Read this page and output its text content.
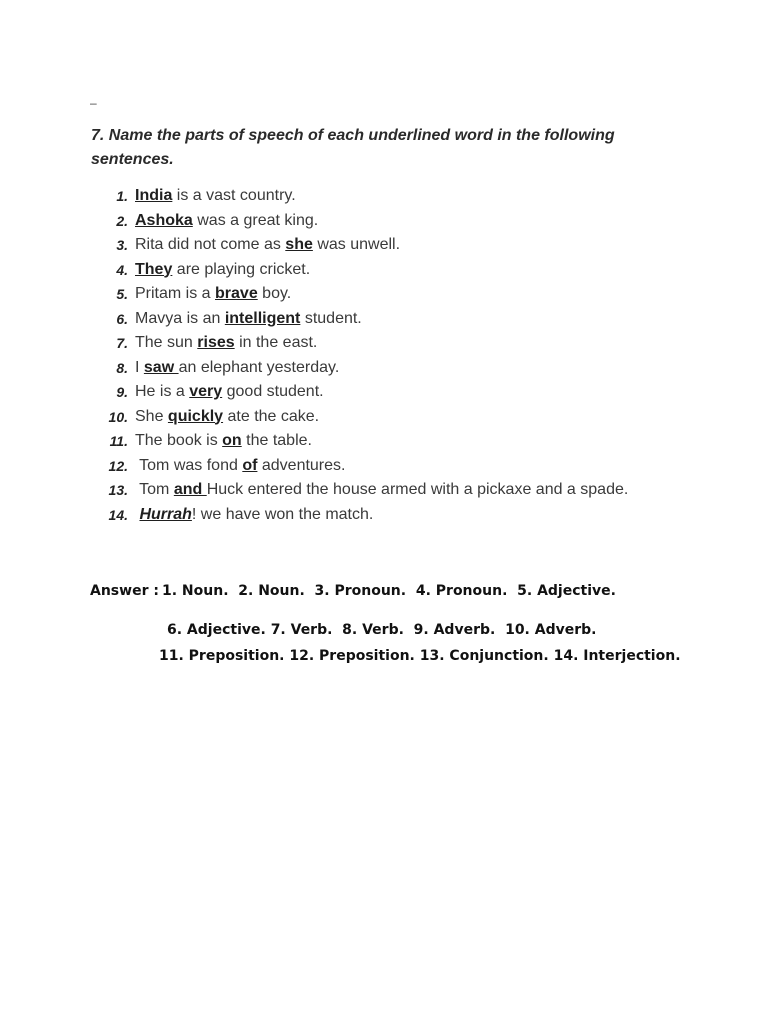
–
7. Name the parts of speech of each underlined word in the following sentences.
1. India is a vast country.
2. Ashoka was a great king.
3. Rita did not come as she was unwell.
4. They are playing cricket.
5. Pritam is a brave boy.
6. Mavya is an intelligent student.
7. The sun rises in the east.
8. I saw an elephant yesterday.
9. He is a very good student.
10. She quickly ate the cake.
11. The book is on the table.
12. Tom was fond of adventures.
13. Tom and Huck entered the house armed with a pickaxe and a spade.
14. Hurrah! we have won the match.
Answer : 1. Noun.  2. Noun.  3. Pronoun.  4. Pronoun.  5. Adjective.
6. Adjective. 7. Verb.  8. Verb.  9. Adverb.  10. Adverb.
11. Preposition. 12. Preposition. 13. Conjunction. 14. Interjection.
